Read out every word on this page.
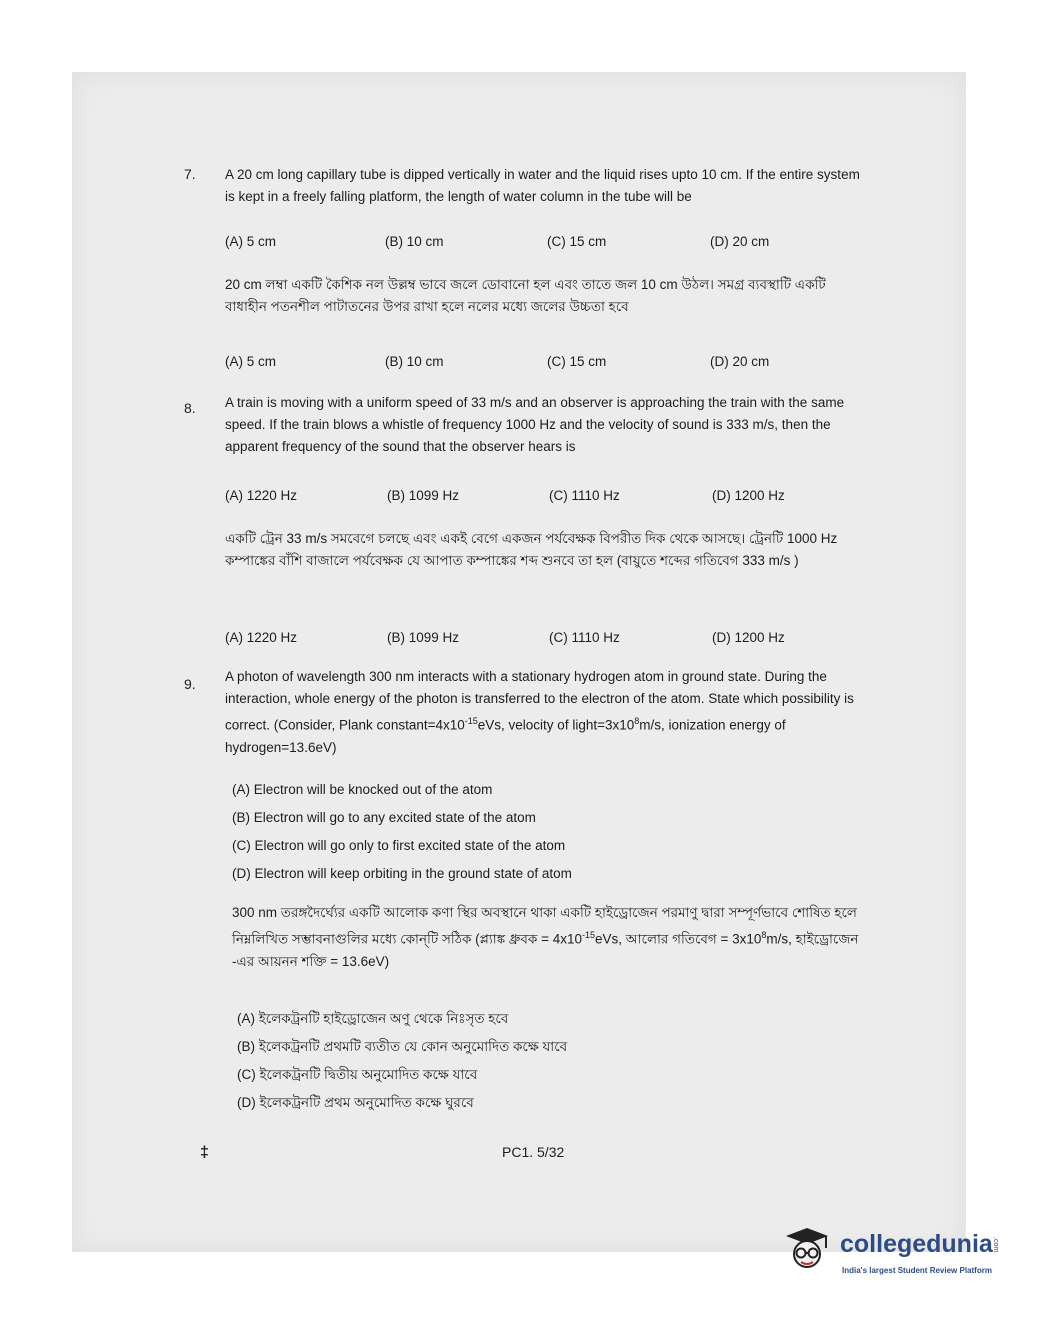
7. A 20 cm long capillary tube is dipped vertically in water and the liquid rises upto 10 cm. If the entire system is kept in a freely falling platform, the length of water column in the tube will be
(A) 5 cm	(B) 10 cm	(C) 15 cm	(D) 20 cm
20 cm লম্বা একটি কৈশিক নল উল্লম্ব ভাবে জলে ডোবানো হল এবং তাতে জল 10 cm উঠল। সমগ্র ব্যবস্থাটি একটি বাধাহীন পতনশীল পাটাতনের উপর রাখা হলে নলের মধ্যে জলের উচ্চতা হবে
(A) 5 cm	(B) 10 cm	(C) 15 cm	(D) 20 cm
8. A train is moving with a uniform speed of 33 m/s and an observer is approaching the train with the same speed. If the train blows a whistle of frequency 1000 Hz and the velocity of sound is 333 m/s, then the apparent frequency of the sound that the observer hears is
(A) 1220 Hz	(B) 1099 Hz	(C) 1110 Hz	(D) 1200 Hz
একটি ট্রেন 33 m/s সমবেগে চলছে এবং একই বেগে একজন পর্যবেক্ষক বিপরীত দিক থেকে আসছে। ট্রেনটি 1000 Hz কম্পাঙ্কের বাঁশি বাজালে পর্যবেক্ষক যে আপাত কম্পাঙ্কের শব্দ শুনবে তা হল (বায়ুতে শব্দের গতিবেগ 333 m/s )
(A) 1220 Hz	(B) 1099 Hz	(C) 1110 Hz	(D) 1200 Hz
9. A photon of wavelength 300 nm interacts with a stationary hydrogen atom in ground state. During the interaction, whole energy of the photon is transferred to the electron of the atom. State which possibility is correct. (Consider, Plank $constant=4x10^{-15}eVs$, velocity of $light=3x10^8m/s$, ionization energy of hydrogen=13.6eV)
(A) Electron will be knocked out of the atom
(B) Electron will go to any excited state of the atom
(C) Electron will go only to first excited state of the atom
(D) Electron will keep orbiting in the ground state of atom
300 nm তরঙ্গদৈর্ঘ্যের একটি আলোক কণা স্থির অবস্থানে থাকা একটি হাইড্রোজেন পরমাণু দ্বারা সম্পূর্ণভাবে শোষিত হলে নিম্নলিখিত সম্ভাবনাগুলির মধ্যে কোন্‌টি সঠিক (প্ল্যাঙ্ক ধ্রুবক = $4x10^{-15}eVs$, আলোর গতিবেগ = $3x10^8m/s$, হাইড্রোজেন -এর আয়নন শক্তি = 13.6eV)
(A) ইলেকট্রনটি হাইড্রোজেন অণু থেকে নিঃসৃত হবে
(B) ইলেকট্রনটি প্রথমটি ব্যতীত যে কোন অনুমোদিত কক্ষে যাবে
(C) ইলেকট্রনটি দ্বিতীয় অনুমোদিত কক্ষে যাবে
(D) ইলেকট্রনটি প্রথম অনুমোদিত কক্ষে ঘুরবে
‡	PC1. 5/32
collegedunia .com
India's largest Student Review Platform
